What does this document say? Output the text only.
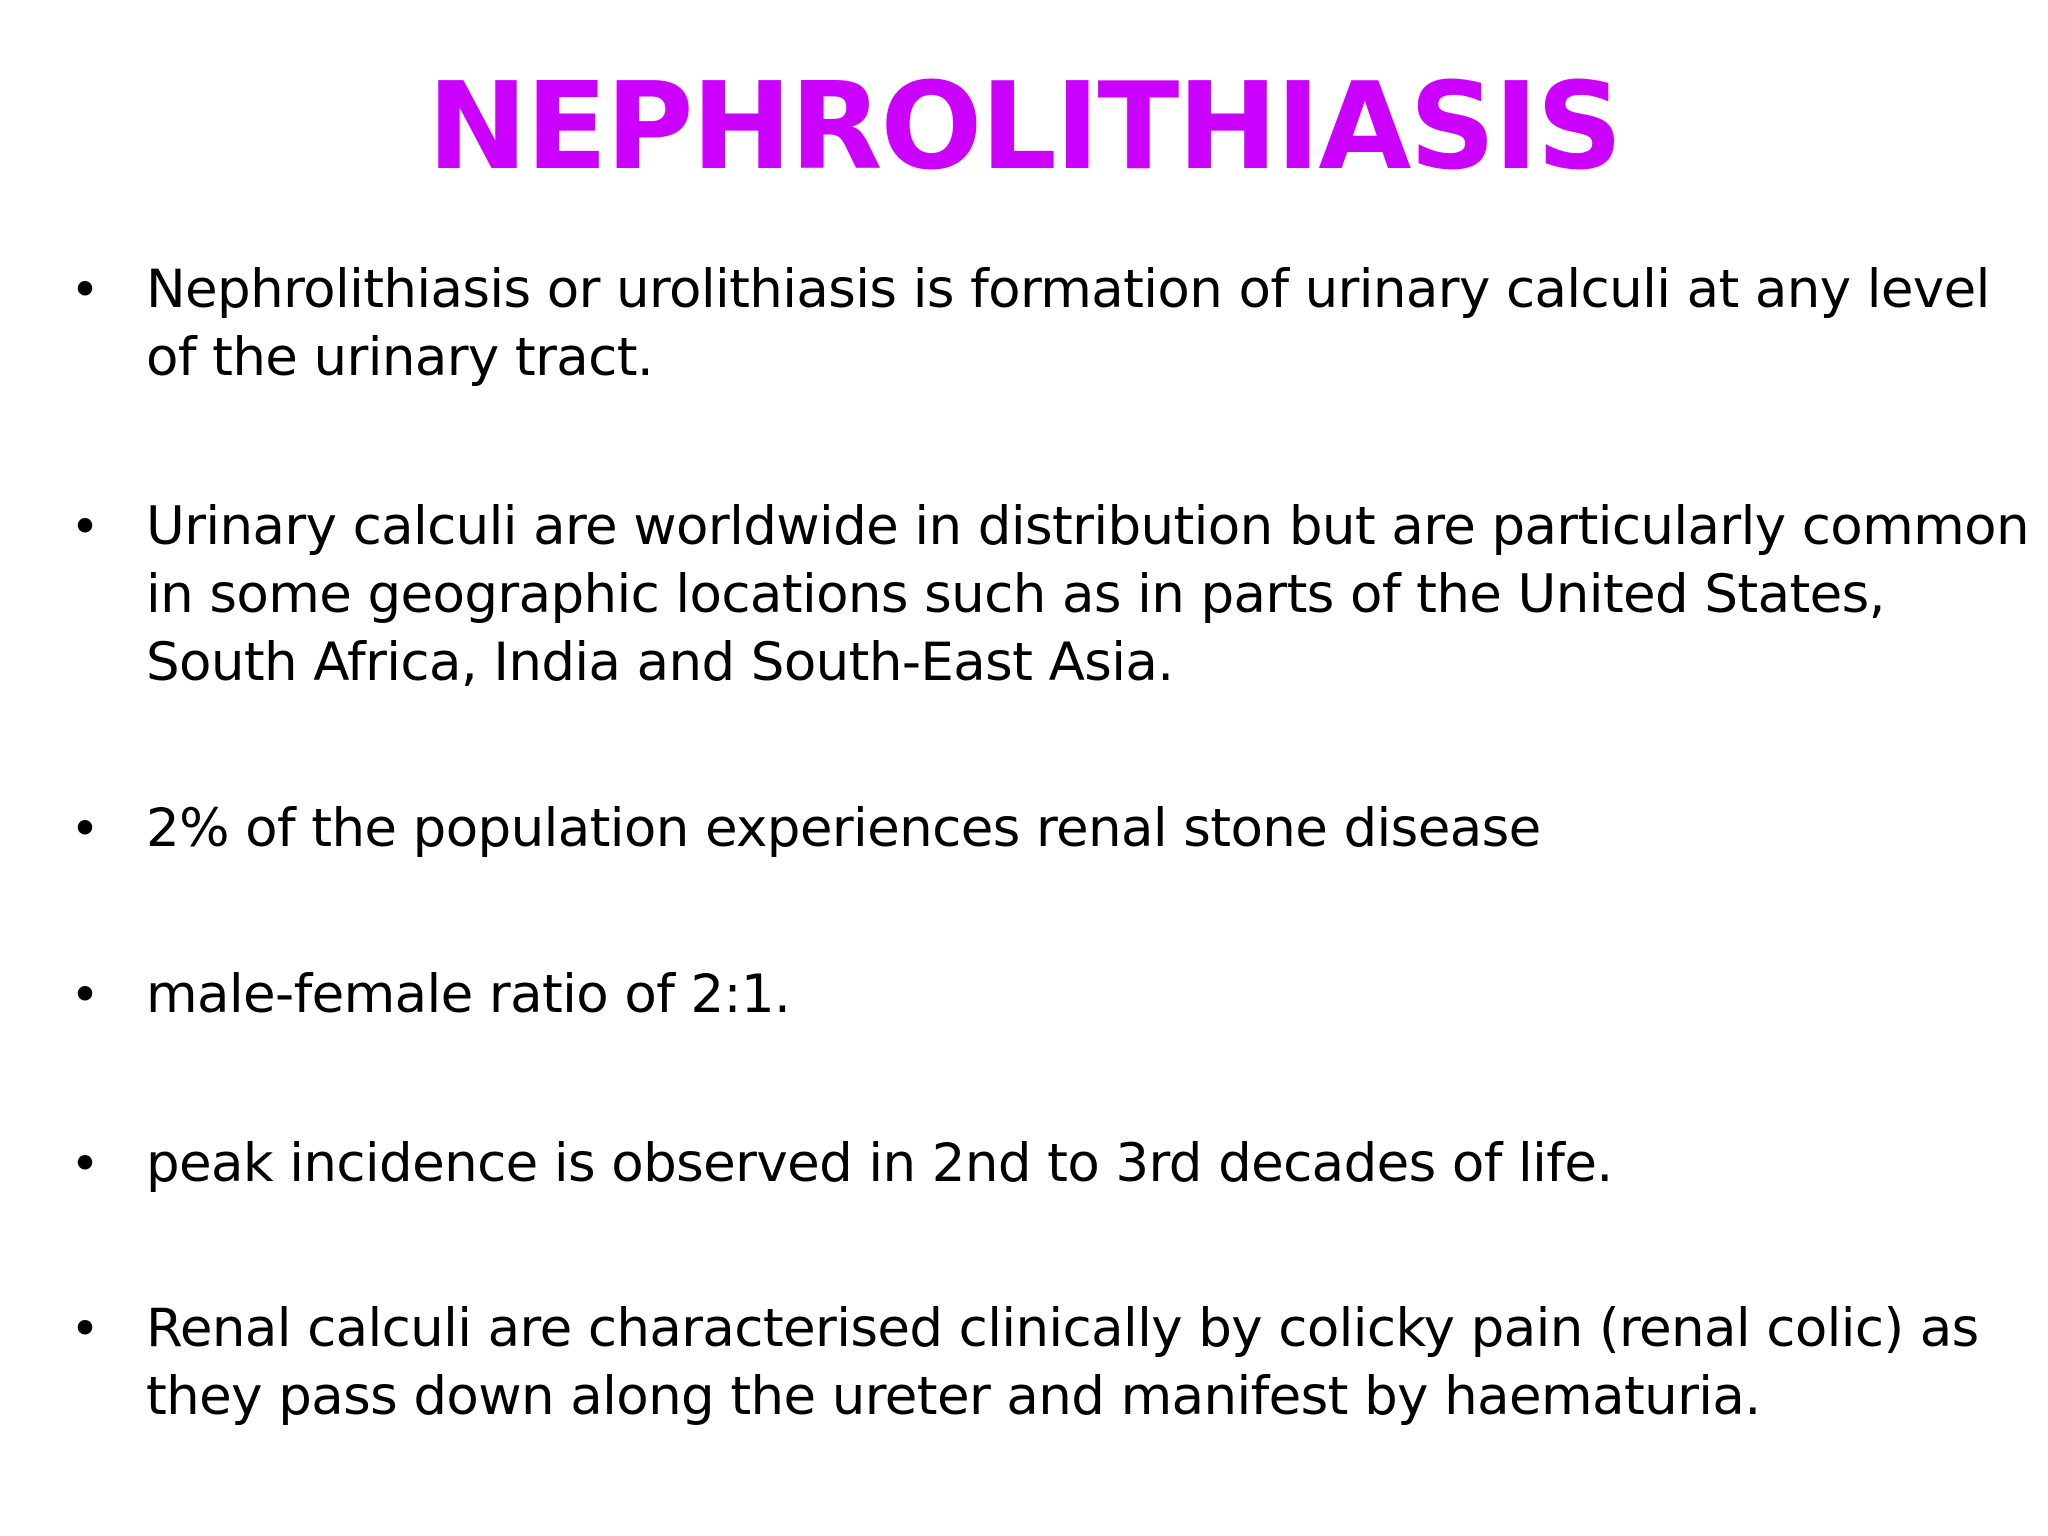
NEPHROLITHIASIS
• Nephrolithiasis or urolithiasis is formation of urinary calculi at any level
of the urinary tract.
• Urinary calculi are worldwide in distribution but are particularly common
in some geographic locations such as in parts of the United States,
South Africa, India and South-East Asia.
• 2% of the population experiences renal stone disease
• male-female ratio of 2:1.
• peak incidence is observed in 2nd to 3rd decades of life.
• Renal calculi are characterised clinically by colicky pain (renal colic) as
they pass down along the ureter and manifest by haematuria.
